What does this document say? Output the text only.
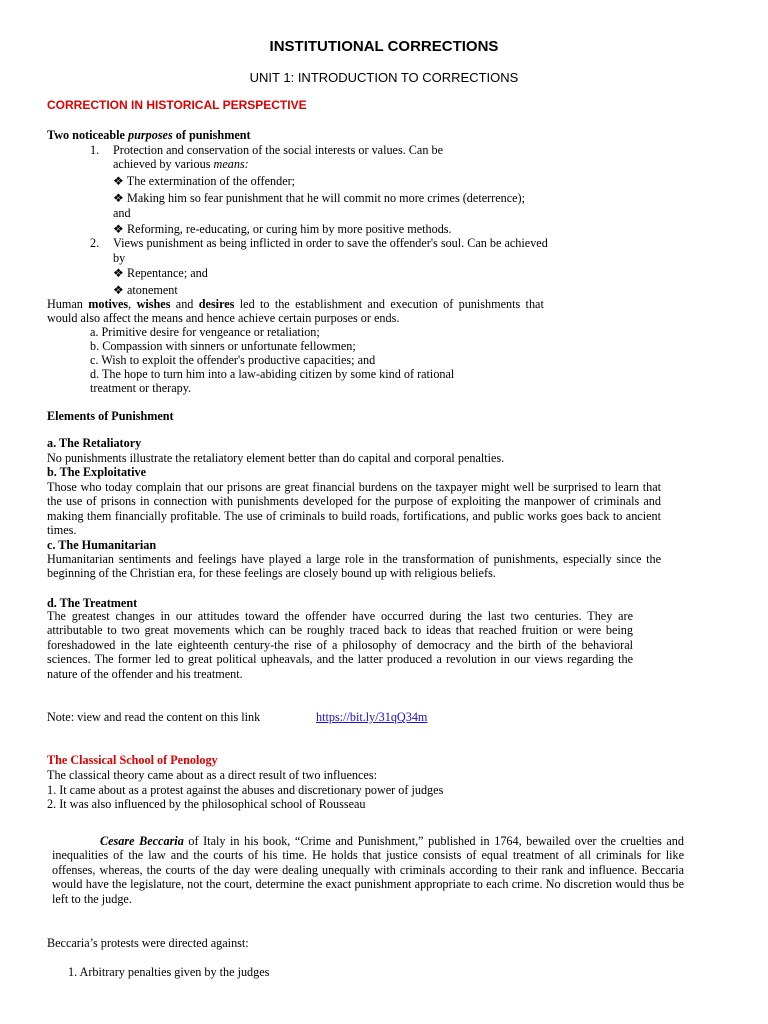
INSTITUTIONAL CORRECTIONS
UNIT 1: INTRODUCTION TO CORRECTIONS
CORRECTION IN HISTORICAL PERSPECTIVE
Two noticeable purposes of punishment
1. Protection and conservation of the social interests or values. Can be
achieved by various means:
❖ The extermination of the offender;
❖ Making him so fear punishment that he will commit no more crimes (deterrence);
and
❖ Reforming, re-educating, or curing him by more positive methods.
2. Views punishment as being inflicted in order to save the offender's soul. Can be achieved
by
❖ Repentance; and
❖ atonement
Human motives, wishes and desires led to the establishment and execution of punishments that
would also affect the means and hence achieve certain purposes or ends.
a. Primitive desire for vengeance or retaliation;
b. Compassion with sinners or unfortunate fellowmen;
c. Wish to exploit the offender's productive capacities; and
d. The hope to turn him into a law-abiding citizen by some kind of rational
treatment or therapy.
Elements of Punishment
a. The Retaliatory
No punishments illustrate the retaliatory element better than do capital and corporal penalties.
b. The Exploitative
Those who today complain that our prisons are great financial burdens on the taxpayer might well be surprised to learn that the use of prisons in connection with punishments developed for the purpose of exploiting the manpower of criminals and making them financially profitable. The use of criminals to build roads, fortifications, and public works goes back to ancient times.
c. The Humanitarian
Humanitarian sentiments and feelings have played a large role in the transformation of punishments, especially since the beginning of the Christian era, for these feelings are closely bound up with religious beliefs.
d. The Treatment
The greatest changes in our attitudes toward the offender have occurred during the last two centuries. They are attributable to two great movements which can be roughly traced back to ideas that reached fruition or were being foreshadowed in the late eighteenth century-the rise of a philosophy of democracy and the birth of the behavioral sciences. The former led to great political upheavals, and the latter produced a revolution in our views regarding the nature of the offender and his treatment.
Note: view and read the content on this link	https://bit.ly/31qQ34m
The Classical School of Penology
The classical theory came about as a direct result of two influences:
1. It came about as a protest against the abuses and discretionary power of judges
2. It was also influenced by the philosophical school of Rousseau
Cesare Beccaria of Italy in his book, “Crime and Punishment,” published in 1764, bewailed over the cruelties and inequalities of the law and the courts of his time. He holds that justice consists of equal treatment of all criminals for like offenses, whereas, the courts of the day were dealing unequally with criminals according to their rank and influence. Beccaria would have the legislature, not the court, determine the exact punishment appropriate to each crime. No discretion would thus be left to the judge.
Beccaria’s protests were directed against:
1. Arbitrary penalties given by the judges
